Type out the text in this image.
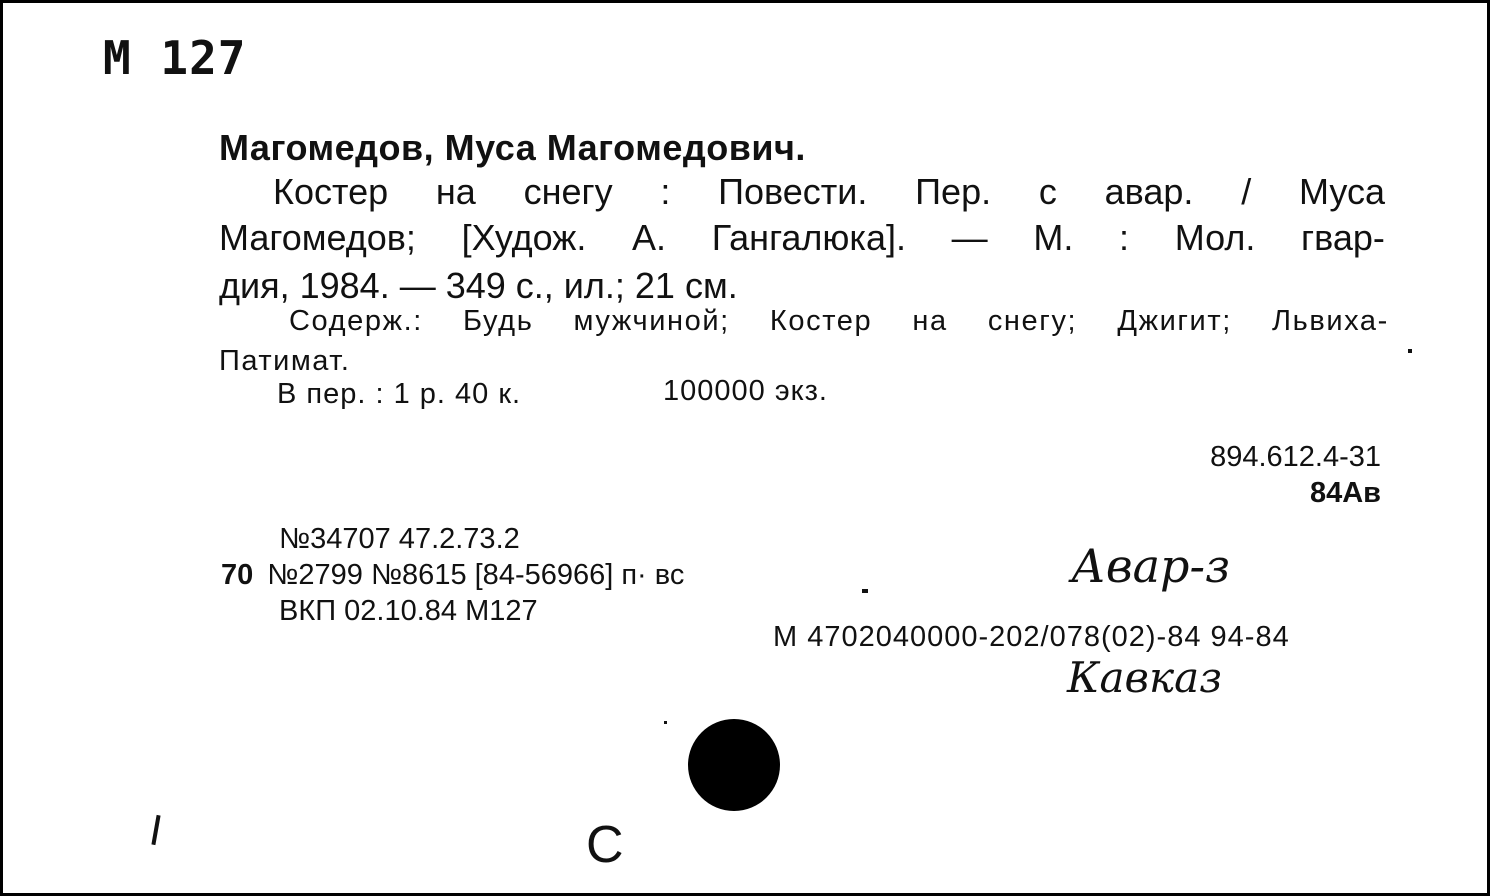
М 127
Магомедов, Муса Магомедович.
Костер на снегу : Повести. Пер. с авар. / Муса
Магомедов; [Худож. А. Гангалюка]. — М. : Мол. гвар-
дия, 1984. — 349 с., ил.; 21 см.
Содерж.: Будь мужчиной; Костер на снегу; Джигит; Львиха-
Патимат.
В пер. : 1 р. 40 к.	100000 экз.
894.612.4-31
84Ав
№34707 47.2.73.2
70 №2799 №8615 [84-56966] п· вс
ВКП 02.10.84 М127
М 4702040000-202/078(02)-84 94-84
Авар-з
Кавказ
С
